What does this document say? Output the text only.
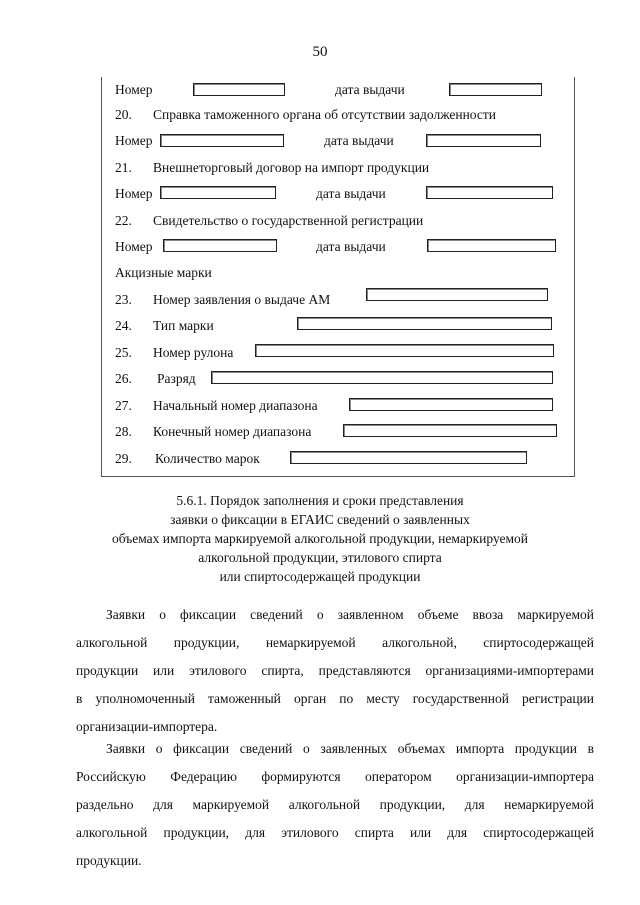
50
Номер	дата выдачи
20. Справка таможенного органа об отсутствии задолженности
Номер	дата выдачи
21. Внешнеторговый договор на импорт продукции
Номер	дата выдачи
22. Свидетельство о государственной регистрации
Номер	дата выдачи
Акцизные марки
23. Номер заявления о выдаче АМ
24. Тип марки
25. Номер рулона
26. Разряд
27. Начальный номер диапазона
28. Конечный номер диапазона
29. Количество марок
5.6.1. Порядок заполнения и сроки представления
заявки о фиксации в ЕГАИС сведений о заявленных
объемах импорта маркируемой алкогольной продукции, немаркируемой
алкогольной продукции, этилового спирта
или спиртосодержащей продукции
Заявки о фиксации сведений о заявленном объеме ввоза маркируемой
алкогольной продукции, немаркируемой алкогольной, спиртосодержащей
продукции или этилового спирта, представляются организациями-импортерами
в уполномоченный таможенный орган по месту государственной регистрации
организации-импортера.
Заявки о фиксации сведений о заявленных объемах импорта продукции в
Российскую Федерацию формируются оператором организации-импортера
раздельно для маркируемой алкогольной продукции, для немаркируемой
алкогольной продукции, для этилового спирта или для спиртосодержащей
продукции.
